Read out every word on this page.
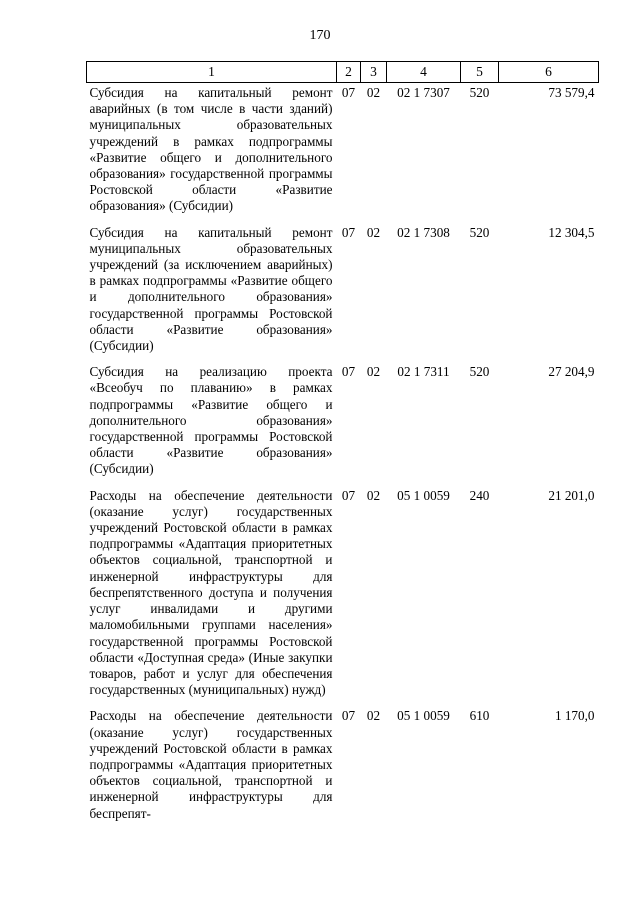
170
1	2	3	4	5	6
Субсидия на капитальный ремонт аварийных (в том числе в части зданий) муниципальных образовательных учреждений в рамках подпрограммы «Развитие общего и дополнительного образования» государственной программы Ростовской области «Развитие образования» (Субсидии)	07	02	02 1 7307	520	73 579,4
Субсидия на капитальный ремонт муниципальных образовательных учреждений (за исключением аварийных) в рамках подпрограммы «Развитие общего и дополнительного образования» государственной программы Ростовской области «Развитие образования» (Субсидии)	07	02	02 1 7308	520	12 304,5
Субсидия на реализацию проекта «Всеобуч по плаванию» в рамках подпрограммы «Развитие общего и дополнительного образования» государственной программы Ростовской области «Развитие образования» (Субсидии)	07	02	02 1 7311	520	27 204,9
Расходы на обеспечение деятельности (оказание услуг) государственных учреждений Ростовской области в рамках подпрограммы «Адаптация приоритетных объектов социальной, транспортной и инженерной инфраструктуры для беспрепятственного доступа и получения услуг инвалидами и другими маломобильными группами населения» государственной программы Ростовской области «Доступная среда» (Иные закупки товаров, работ и услуг для обеспечения государственных (муниципальных) нужд)	07	02	05 1 0059	240	21 201,0
Расходы на обеспечение деятельности (оказание услуг) государственных учреждений Ростовской области в рамках подпрограммы «Адаптация приоритетных объектов социальной, транспортной и инженерной инфраструктуры для беспрепят-	07	02	05 1 0059	610	1 170,0
